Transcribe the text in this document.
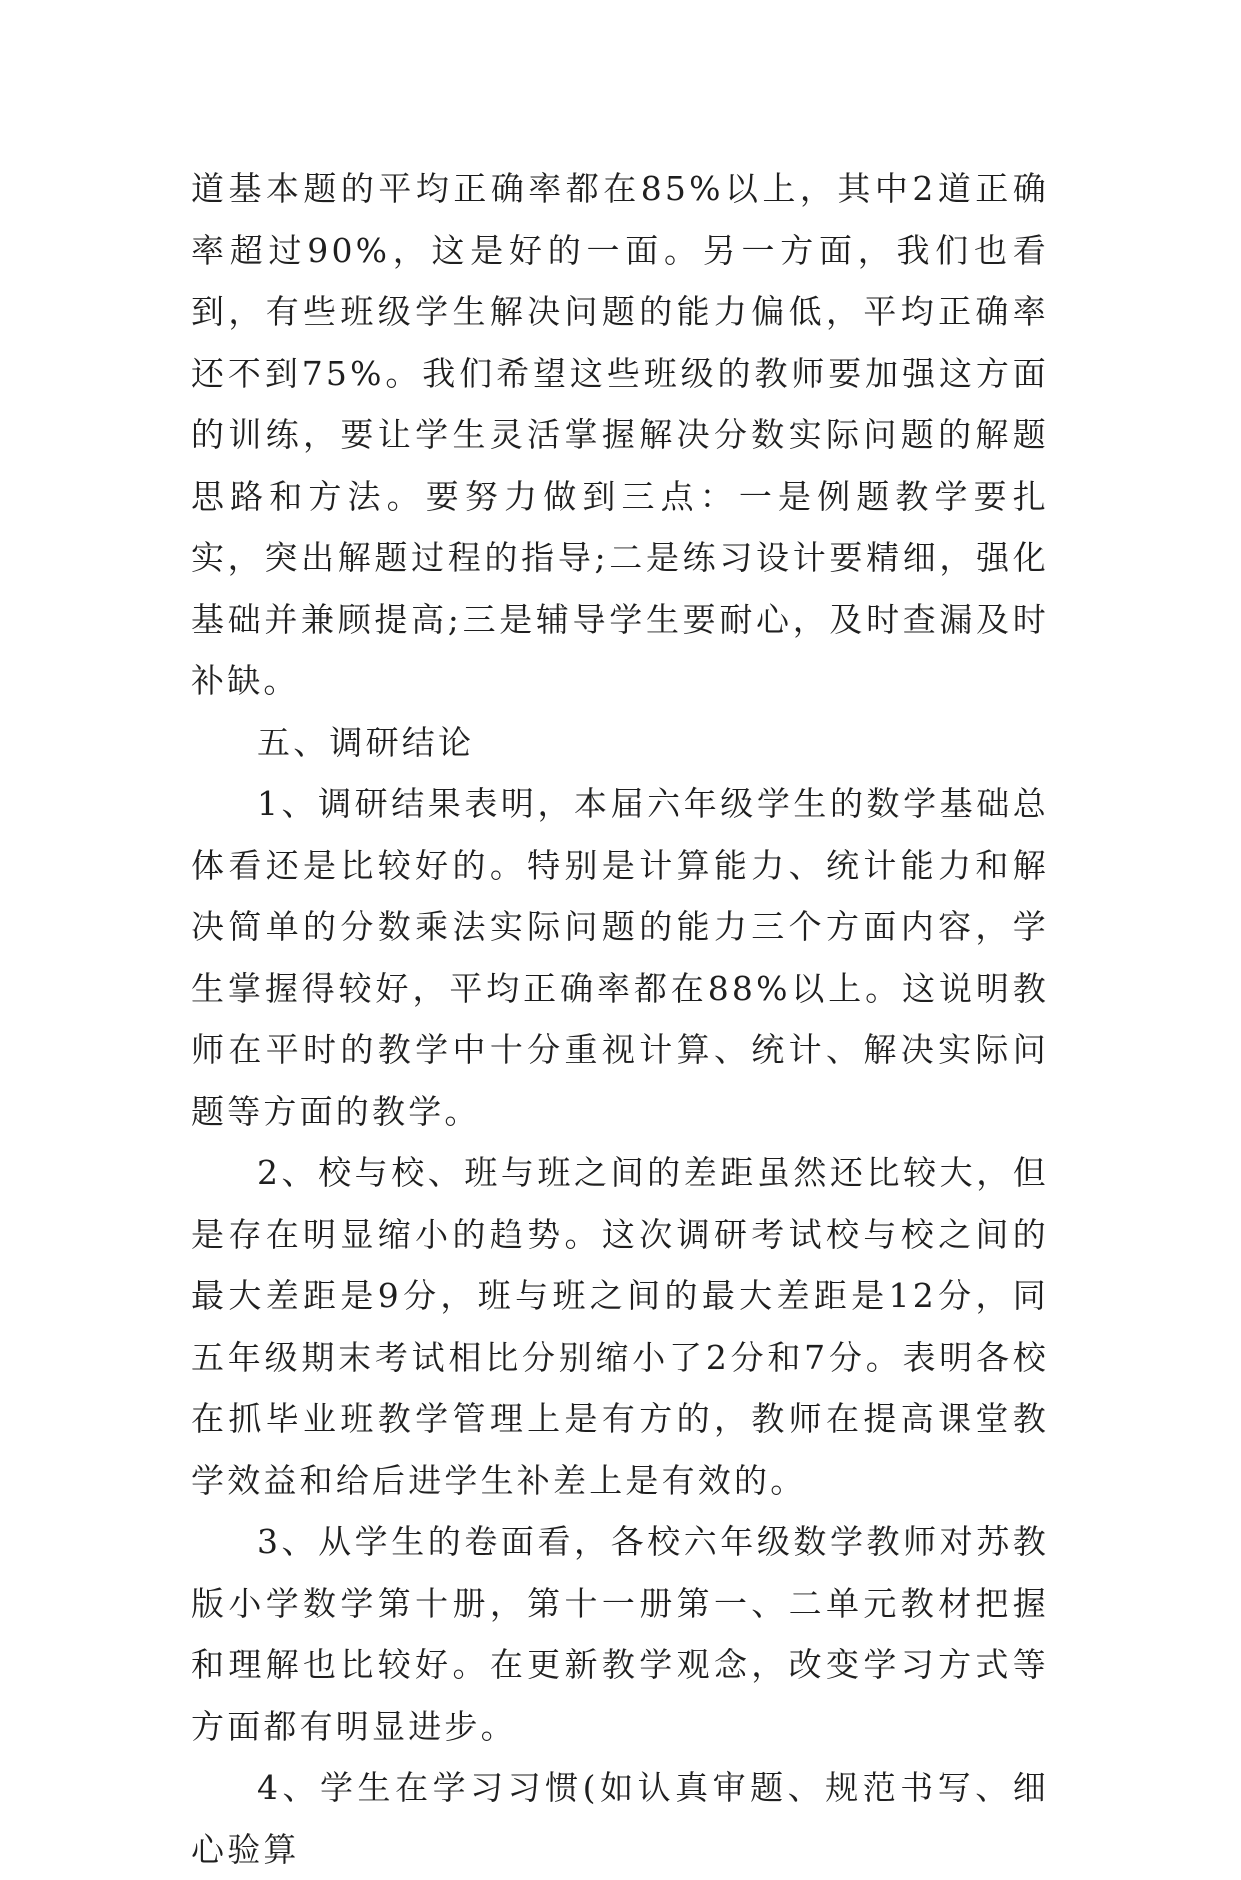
道基本题的平均正确率都在85%以上，其中2道正确率超过90%，这是好的一面。另一方面，我们也看到，有些班级学生解决问题的能力偏低，平均正确率还不到75%。我们希望这些班级的教师要加强这方面的训练，要让学生灵活掌握解决分数实际问题的解题思路和方法。要努力做到三点：一是例题教学要扎实，突出解题过程的指导;二是练习设计要精细，强化基础并兼顾提高;三是辅导学生要耐心，及时查漏及时补缺。

五、调研结论

1、调研结果表明，本届六年级学生的数学基础总体看还是比较好的。特别是计算能力、统计能力和解决简单的分数乘法实际问题的能力三个方面内容，学生掌握得较好，平均正确率都在88%以上。这说明教师在平时的教学中十分重视计算、统计、解决实际问题等方面的教学。

2、校与校、班与班之间的差距虽然还比较大，但是存在明显缩小的趋势。这次调研考试校与校之间的最大差距是9分，班与班之间的最大差距是12分，同五年级期末考试相比分别缩小了2分和7分。表明各校在抓毕业班教学管理上是有方的，教师在提高课堂教学效益和给后进学生补差上是有效的。

3、从学生的卷面看，各校六年级数学教师对苏教版小学数学第十册，第十一册第一、二单元教材把握和理解也比较好。在更新教学观念，改变学习方式等方面都有明显进步。

4、学生在学习习惯(如认真审题、规范书写、细心验算
